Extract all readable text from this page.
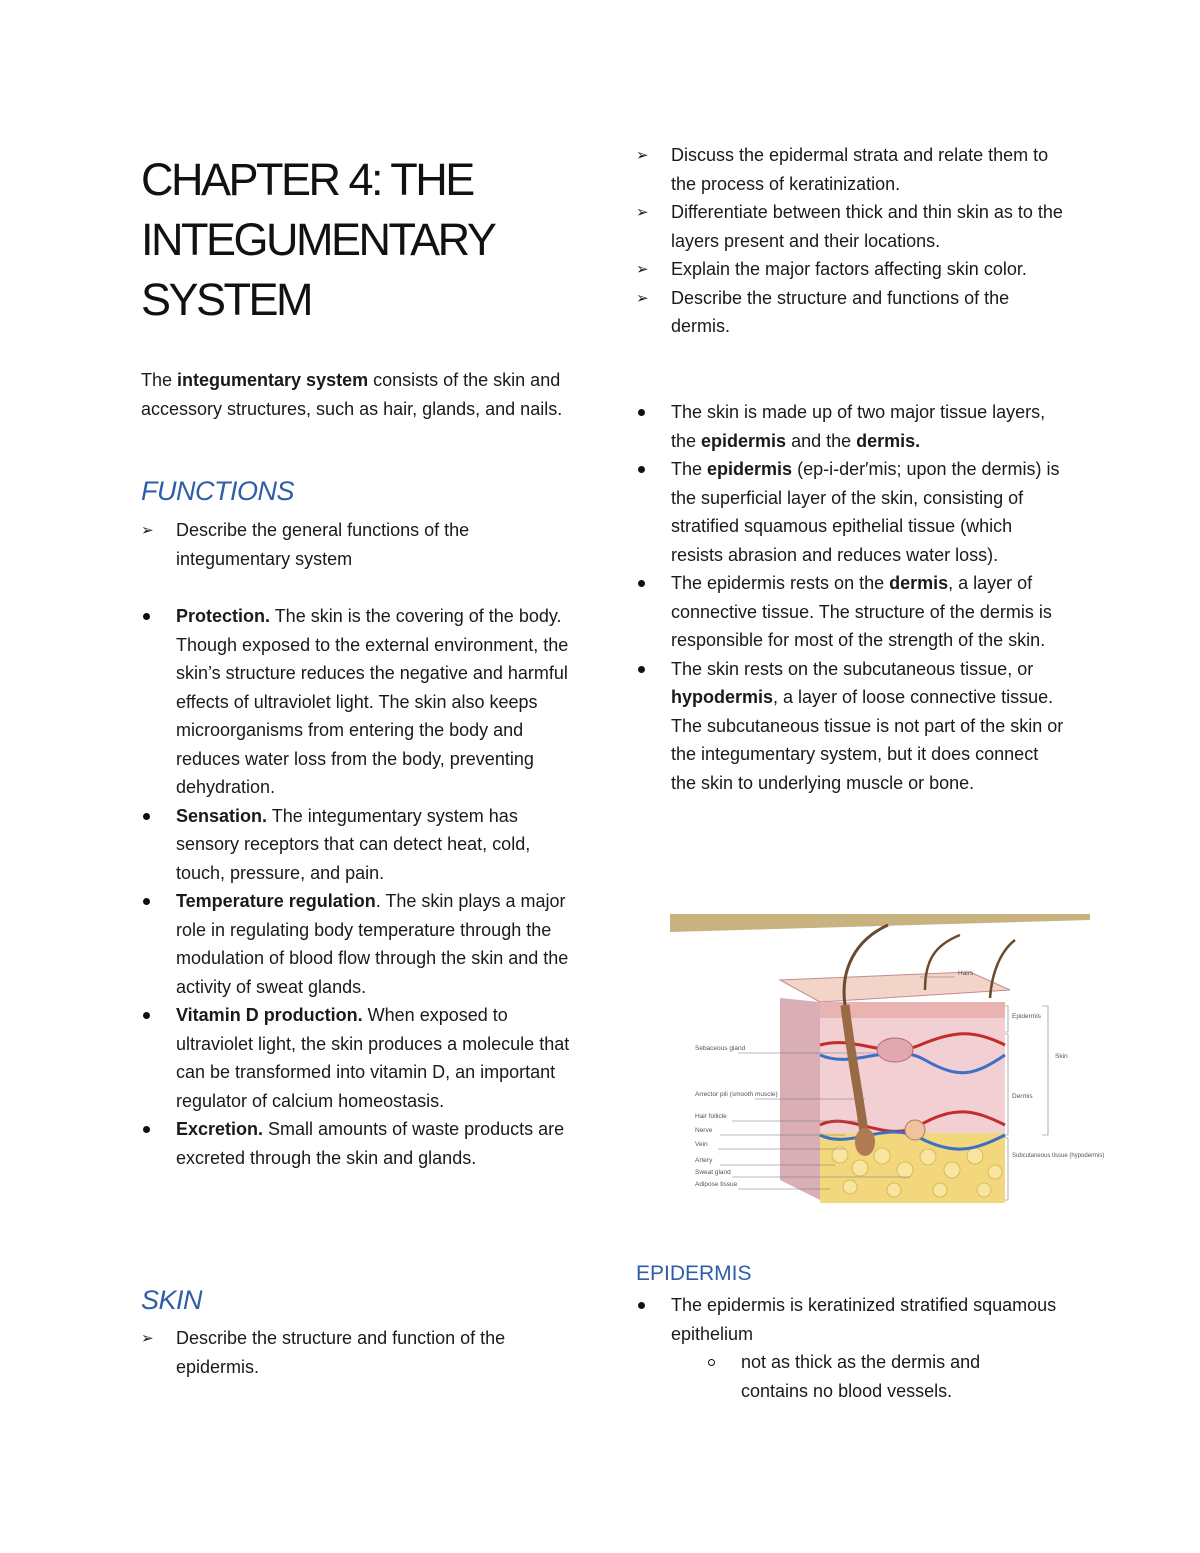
CHAPTER 4: THE INTEGUMENTARY SYSTEM

The integumentary system consists of the skin and accessory structures, such as hair, glands, and nails.

FUNCTIONS
➢	Describe the general functions of the integumentary system
Protection. The skin is the covering of the body. Though exposed to the external environment, the skin’s structure reduces the negative and harmful effects of ultraviolet light. The skin also keeps microorganisms from entering the body and reduces water loss from the body, preventing dehydration.
Sensation. The integumentary system has sensory receptors that can detect heat, cold, touch, pressure, and pain.
Temperature regulation. The skin plays a major role in regulating body temperature through the modulation of blood flow through the skin and the activity of sweat glands.
Vitamin D production. When exposed to ultraviolet light, the skin produces a molecule that can be transformed into vitamin D, an important regulator of calcium homeostasis.
Excretion. Small amounts of waste products are excreted through the skin and glands.
SKIN
➢	Describe the structure and function of the epidermis.
➢	Discuss the epidermal strata and relate them to the process of keratinization.
➢	Differentiate between thick and thin skin as to the layers present and their locations.
➢	Explain the major factors affecting skin color.
➢	Describe the structure and functions of the dermis.
The skin is made up of two major tissue layers, the epidermis and the dermis.
The epidermis (ep-i-der′mis; upon the dermis) is the superficial layer of the skin, consisting of stratified squamous epithelial tissue (which resists abrasion and reduces water loss).
The epidermis rests on the dermis, a layer of connective tissue. The structure of the dermis is responsible for most of the strength of the skin.
The skin rests on the subcutaneous tissue, or hypodermis, a layer of loose connective tissue. The subcutaneous tissue is not part of the skin or the integumentary system, but it does connect the skin to underlying muscle or bone.
Sebaceous gland
Arrector pili (smooth muscle)
Hair follicle
Nerve
Vein
Artery
Sweat gland
Adipose tissue
Hairs
Epidermis
Skin
Dermis
Subcutaneous tissue (hypodermis)
EPIDERMIS
The epidermis is keratinized stratified squamous epithelium
not as thick as the dermis and contains no blood vessels.
